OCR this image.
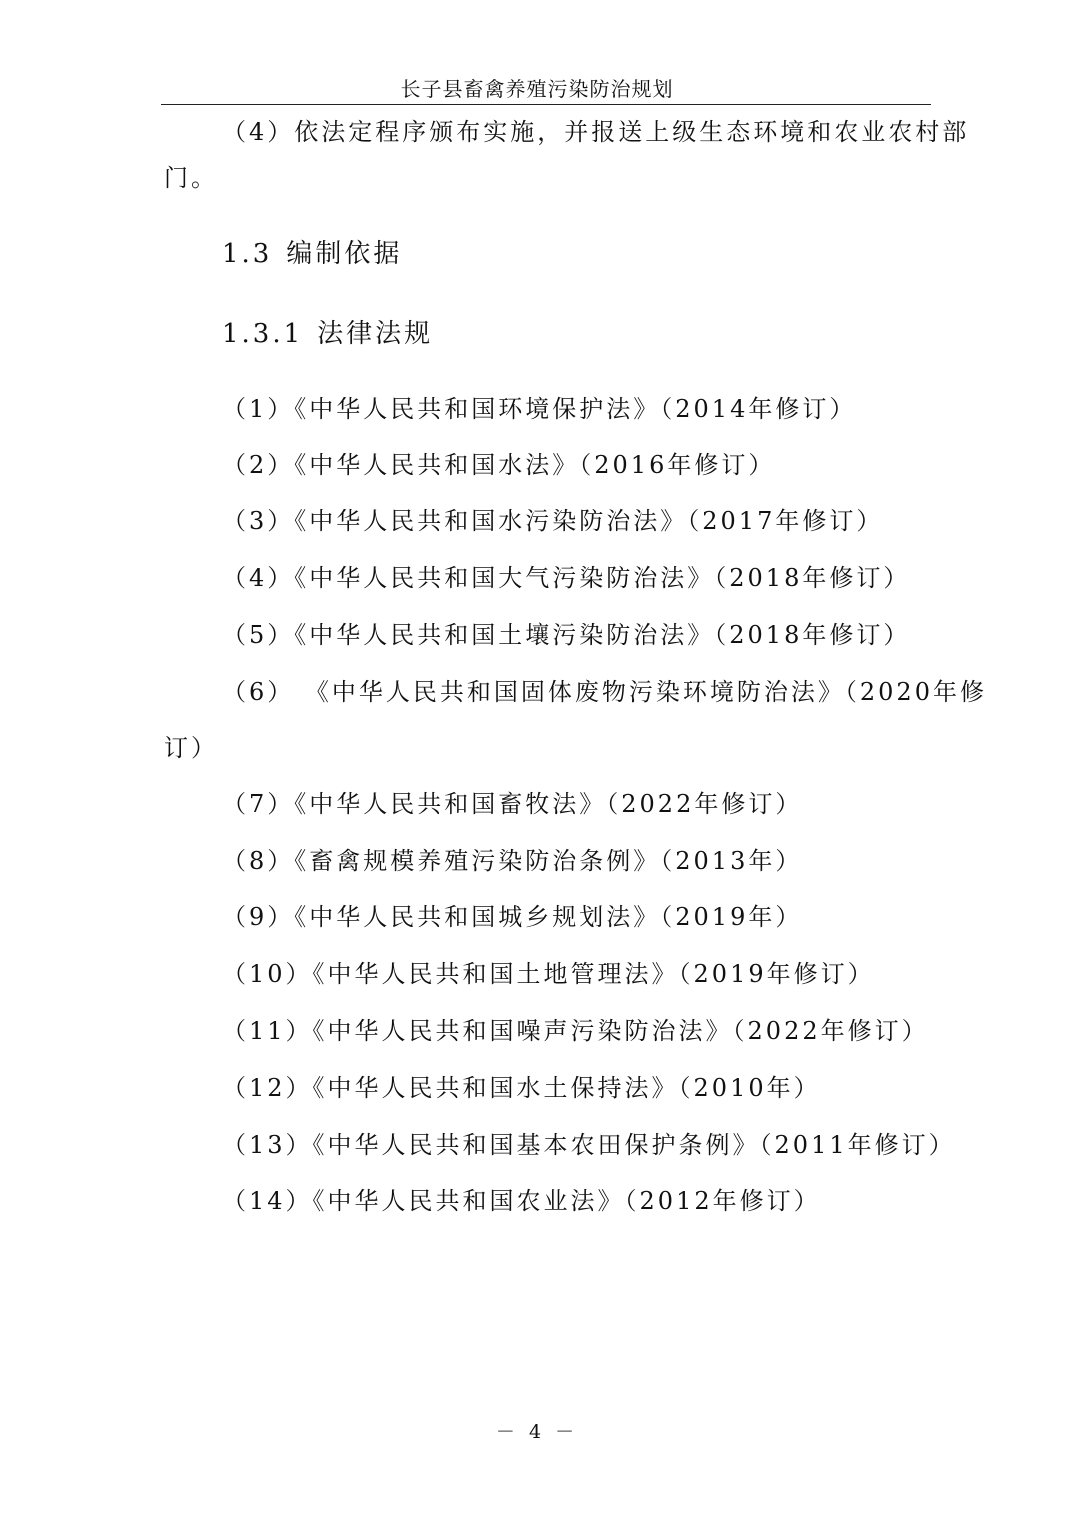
长子县畜禽养殖污染防治规划
（4）依法定程序颁布实施，并报送上级生态环境和农业农村部
门。
1.3 编制依据
1.3.1 法律法规
（1）《中华人民共和国环境保护法》（2014年修订）
（2）《中华人民共和国水法》（2016年修订）
（3）《中华人民共和国水污染防治法》（2017年修订）
（4）《中华人民共和国大气污染防治法》（2018年修订）
（5）《中华人民共和国土壤污染防治法》（2018年修订）
（6） 《中华人民共和国固体废物污染环境防治法》（2020年修
订）
（7）《中华人民共和国畜牧法》（2022年修订）
（8）《畜禽规模养殖污染防治条例》（2013年）
（9）《中华人民共和国城乡规划法》（2019年）
（10）《中华人民共和国土地管理法》（2019年修订）
（11）《中华人民共和国噪声污染防治法》（2022年修订）
（12）《中华人民共和国水土保持法》（2010年）
（13）《中华人民共和国基本农田保护条例》（2011年修订）
（14）《中华人民共和国农业法》（2012年修订）
－ 4 －
